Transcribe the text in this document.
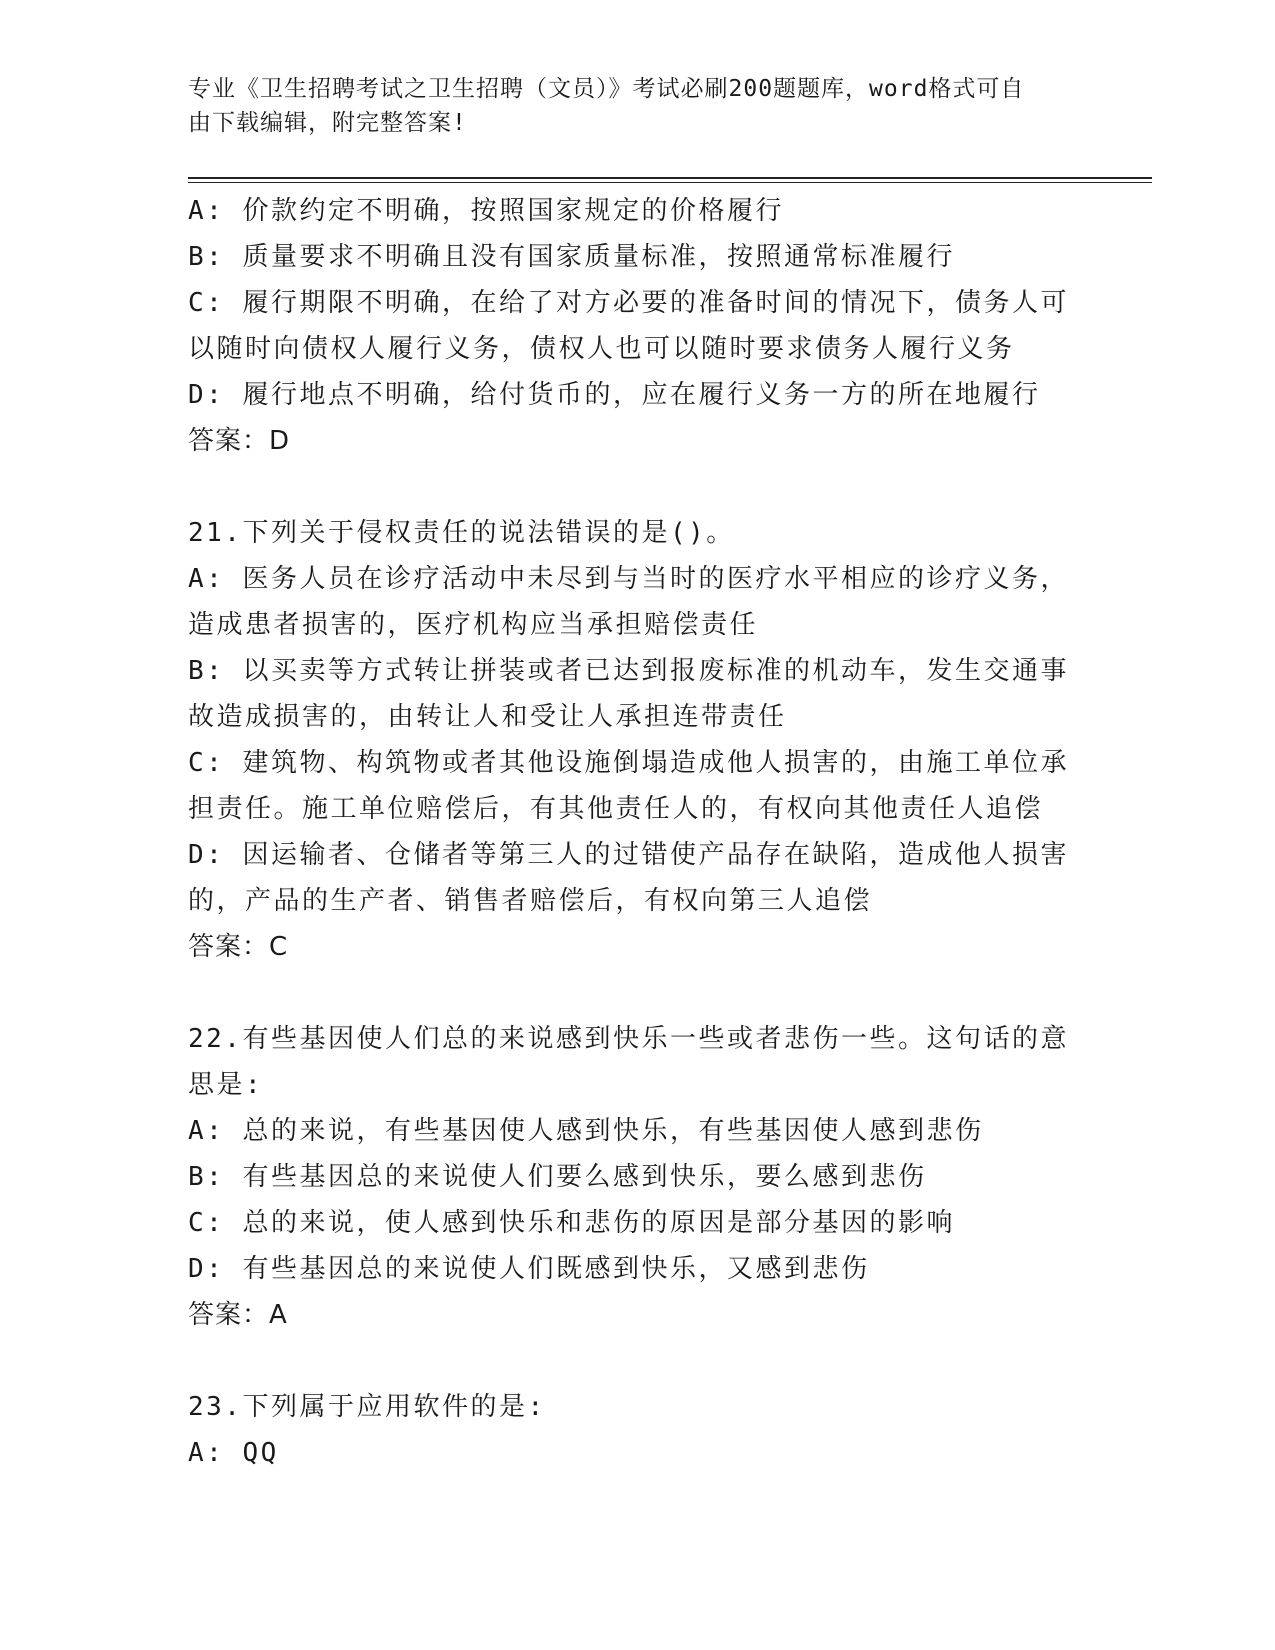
专业《卫生招聘考试之卫生招聘（文员）》考试必刷200题题库，word格式可自
由下载编辑，附完整答案!
A: 价款约定不明确，按照国家规定的价格履行
B: 质量要求不明确且没有国家质量标准，按照通常标准履行
C: 履行期限不明确，在给了对方必要的准备时间的情况下，债务人可
以随时向债权人履行义务，债权人也可以随时要求债务人履行义务
D: 履行地点不明确，给付货币的，应在履行义务一方的所在地履行
答案：D
21.下列关于侵权责任的说法错误的是()。
A: 医务人员在诊疗活动中未尽到与当时的医疗水平相应的诊疗义务，
造成患者损害的，医疗机构应当承担赔偿责任
B: 以买卖等方式转让拼装或者已达到报废标准的机动车，发生交通事
故造成损害的，由转让人和受让人承担连带责任
C: 建筑物、构筑物或者其他设施倒塌造成他人损害的，由施工单位承
担责任。施工单位赔偿后，有其他责任人的，有权向其他责任人追偿
D: 因运输者、仓储者等第三人的过错使产品存在缺陷，造成他人损害
的，产品的生产者、销售者赔偿后，有权向第三人追偿
答案：C
22.有些基因使人们总的来说感到快乐一些或者悲伤一些。这句话的意
思是:
A: 总的来说，有些基因使人感到快乐，有些基因使人感到悲伤
B: 有些基因总的来说使人们要么感到快乐，要么感到悲伤
C: 总的来说，使人感到快乐和悲伤的原因是部分基因的影响
D: 有些基因总的来说使人们既感到快乐，又感到悲伤
答案：A
23.下列属于应用软件的是:
A: QQ
